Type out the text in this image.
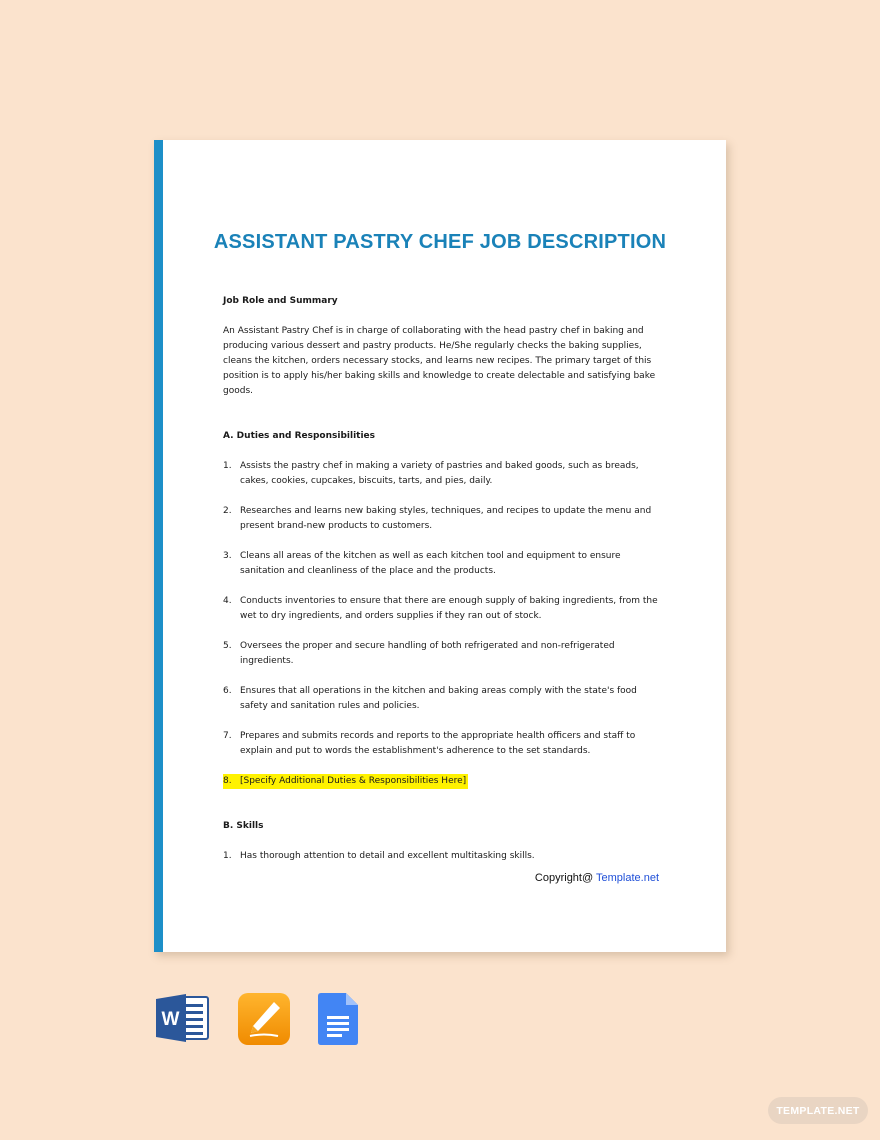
ASSISTANT PASTRY CHEF JOB DESCRIPTION

Job Role and Summary

An Assistant Pastry Chef is in charge of collaborating with the head pastry chef in baking and producing various dessert and pastry products. He/She regularly checks the baking supplies, cleans the kitchen, orders necessary stocks, and learns new recipes. The primary target of this position is to apply his/her baking skills and knowledge to create delectable and satisfying bake goods.

A. Duties and Responsibilities

1. Assists the pastry chef in making a variety of pastries and baked goods, such as breads, cakes, cookies, cupcakes, biscuits, tarts, and pies, daily.
2. Researches and learns new baking styles, techniques, and recipes to update the menu and present brand-new products to customers.
3. Cleans all areas of the kitchen as well as each kitchen tool and equipment to ensure sanitation and cleanliness of the place and the products.
4. Conducts inventories to ensure that there are enough supply of baking ingredients, from the wet to dry ingredients, and orders supplies if they ran out of stock.
5. Oversees the proper and secure handling of both refrigerated and non-refrigerated ingredients.
6. Ensures that all operations in the kitchen and baking areas comply with the state's food safety and sanitation rules and policies.
7. Prepares and submits records and reports to the appropriate health officers and staff to explain and put to words the establishment's adherence to the set standards.
8. [Specify Additional Duties & Responsibilities Here]

B. Skills

1. Has thorough attention to detail and excellent multitasking skills.
Copyright@ Template.net
W
TEMPLATE.NET
